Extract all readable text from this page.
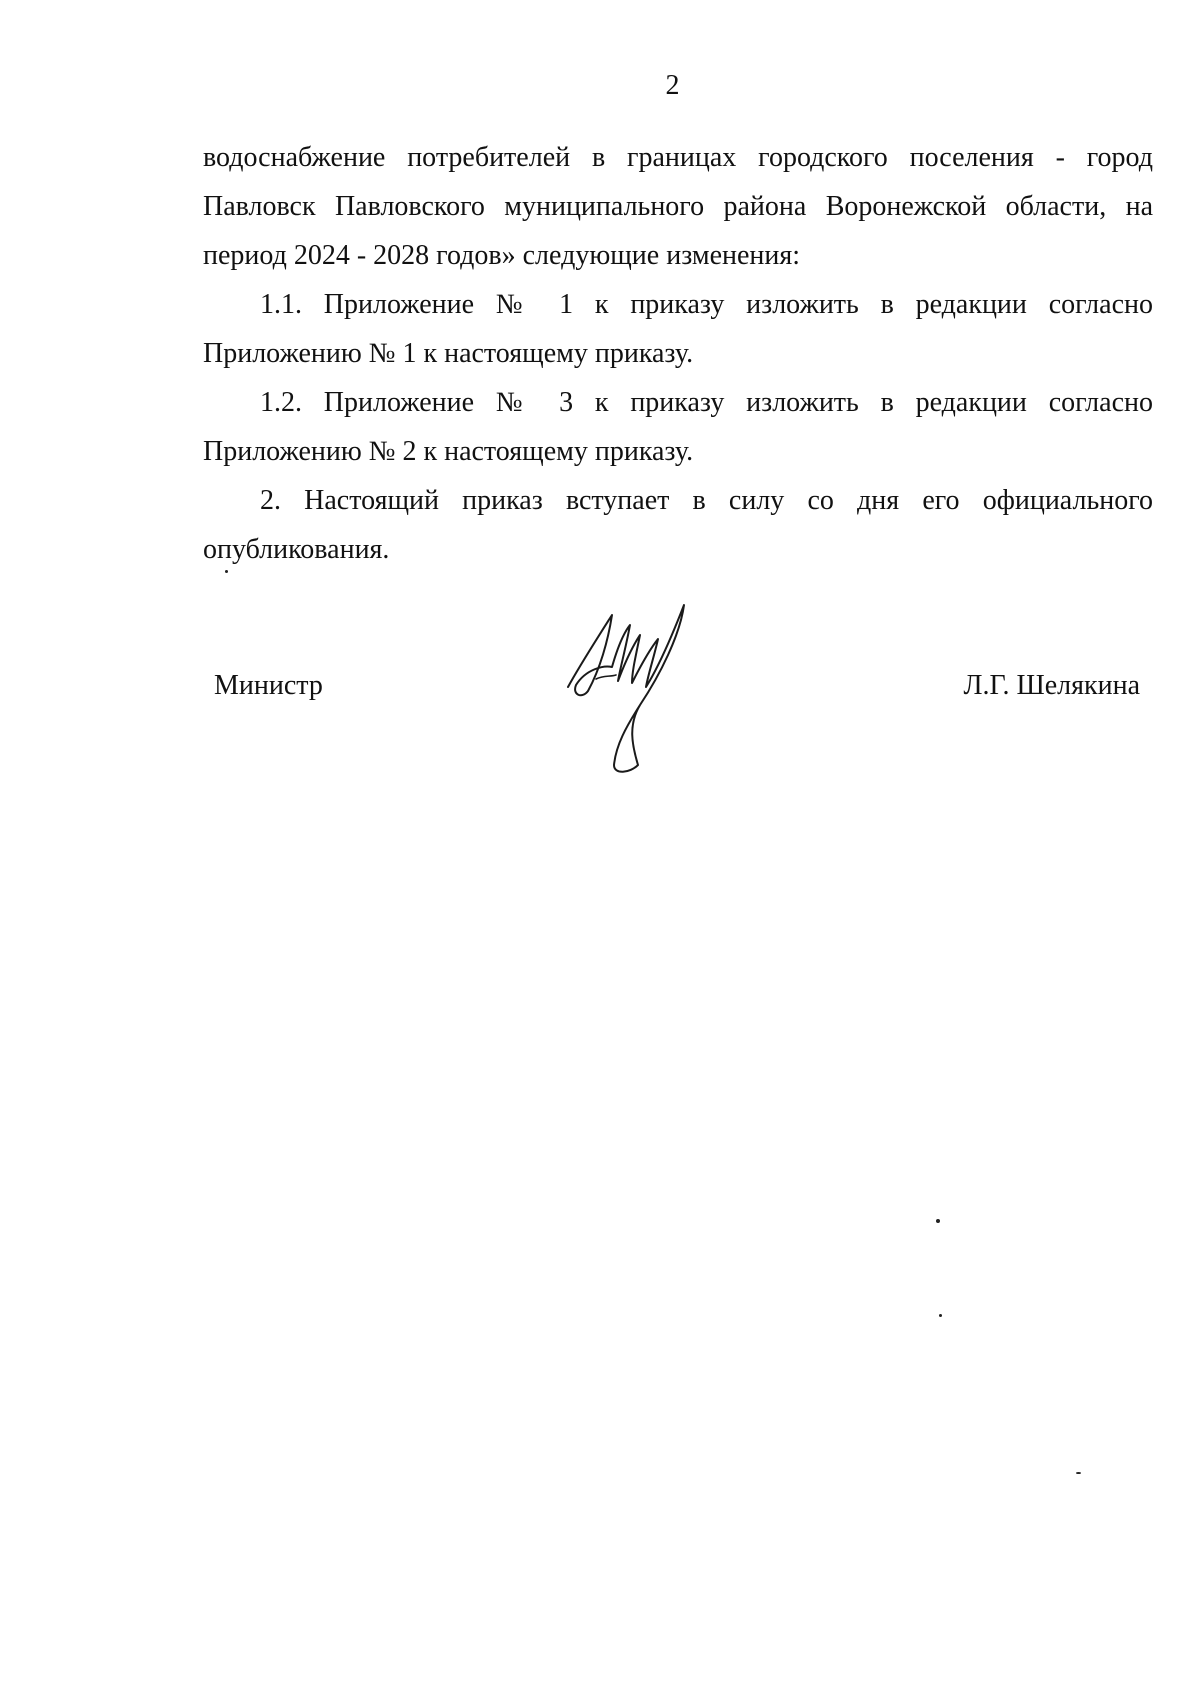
2

водоснабжение потребителей в границах городского поселения - город Павловск Павловского муниципального района Воронежской области, на период 2024 - 2028 годов» следующие изменения:

1.1. Приложение № 1 к приказу изложить в редакции согласно Приложению № 1 к настоящему приказу.

1.2. Приложение № 3 к приказу изложить в редакции согласно Приложению № 2 к настоящему приказу.

2. Настоящий приказ вступает в силу со дня его официального опубликования.

Министр	Л.Г. Шелякина
